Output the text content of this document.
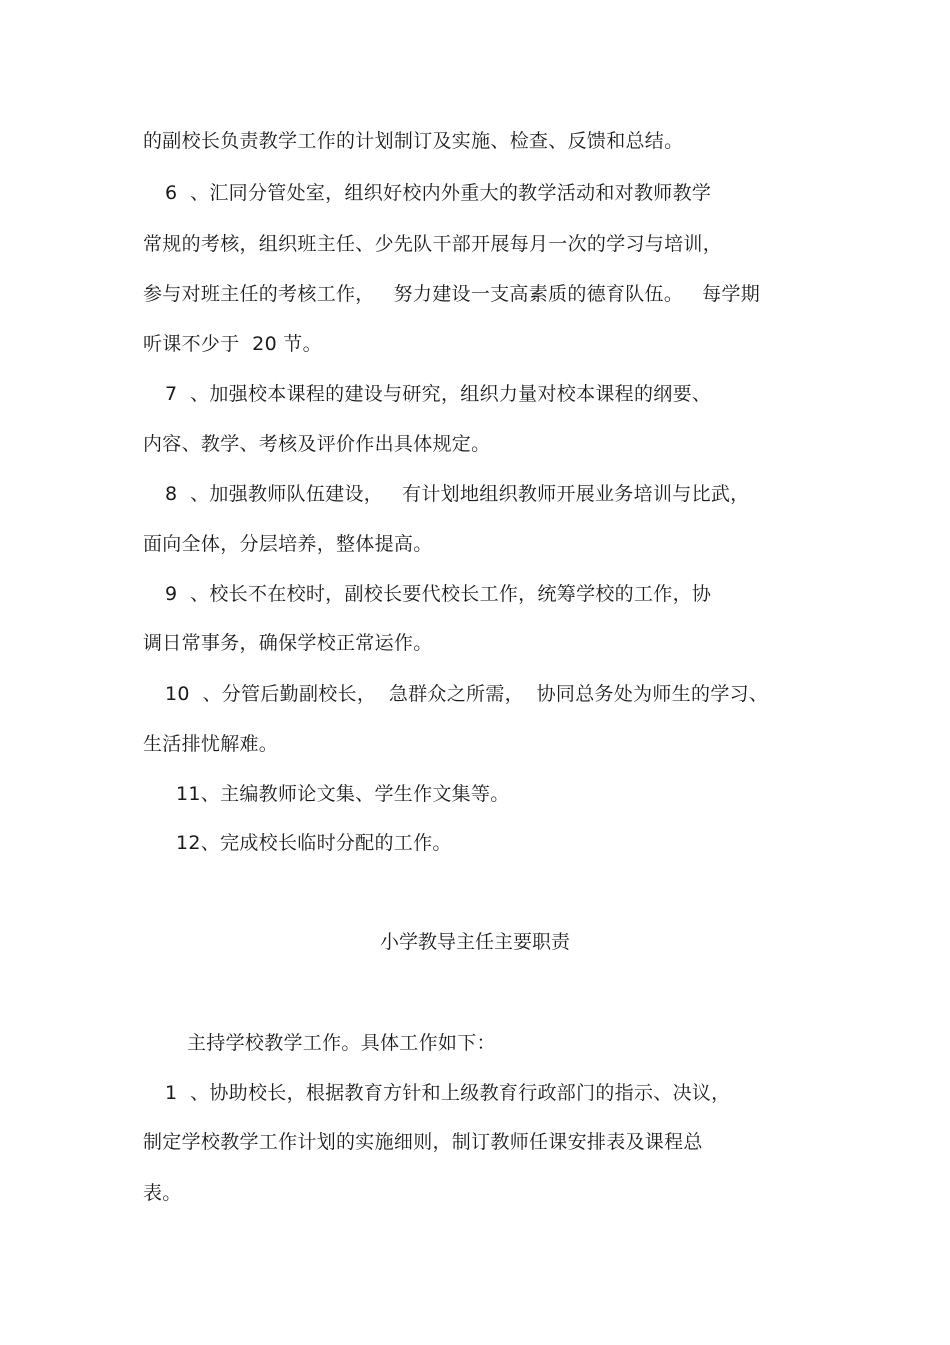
的副校长负责教学工作的计划制订及实施、检查、反馈和总结。
6  、汇同分管处室，组织好校内外重大的教学活动和对教师教学
常规的考核，组织班主任、少先队干部开展每月一次的学习与培训，
参与对班主任的考核工作，   努力建设一支高素质的德育队伍。   每学期
听课不少于  20 节。
7  、加强校本课程的建设与研究，组织力量对校本课程的纲要、
内容、教学、考核及评价作出具体规定。
8  、加强教师队伍建设，   有计划地组织教师开展业务培训与比武，
面向全体，分层培养，整体提高。
9  、校长不在校时，副校长要代校长工作，统筹学校的工作，协
调日常事务，确保学校正常运作。
10  、分管后勤副校长，  急群众之所需，  协同总务处为师生的学习、
生活排忧解难。
11、主编教师论文集、学生作文集等。
12、完成校长临时分配的工作。
小学教导主任主要职责
主持学校教学工作。具体工作如下：
1  、协助校长，根据教育方针和上级教育行政部门的指示、决议，
制定学校教学工作计划的实施细则，制订教师任课安排表及课程总
表。
